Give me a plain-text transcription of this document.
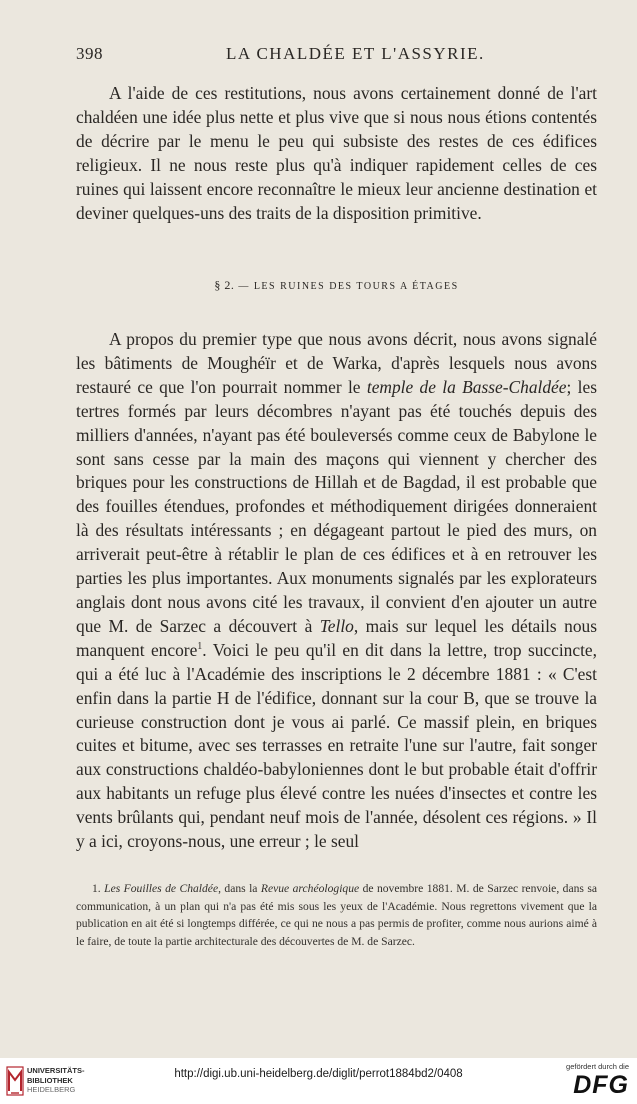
398	LA CHALDÉE ET L'ASSYRIE.

A l'aide de ces restitutions, nous avons certainement donné de l'art chaldéen une idée plus nette et plus vive que si nous nous étions contentés de décrire par le menu le peu qui subsiste des restes de ces édifices religieux. Il ne nous reste plus qu'à indiquer rapidement celles de ces ruines qui laissent encore reconnaître le mieux leur ancienne destination et deviner quelques-uns des traits de la disposition primitive.

§ 2. — LES RUINES DES TOURS A ÉTAGES

A propos du premier type que nous avons décrit, nous avons signalé les bâtiments de Moughéïr et de Warka, d'après lesquels nous avons restauré ce que l'on pourrait nommer le temple de la Basse-Chaldée; les tertres formés par leurs décombres n'ayant pas été touchés depuis des milliers d'années, n'ayant pas été bouleversés comme ceux de Babylone le sont sans cesse par la main des maçons qui viennent y chercher des briques pour les constructions de Hillah et de Bagdad, il est probable que des fouilles étendues, profondes et méthodiquement dirigées donneraient là des résultats intéressants ; en dégageant partout le pied des murs, on arriverait peut-être à rétablir le plan de ces édifices et à en retrouver les parties les plus importantes. Aux monuments signalés par les explorateurs anglais dont nous avons cité les travaux, il convient d'en ajouter un autre que M. de Sarzec a découvert à Tello, mais sur lequel les détails nous manquent encore$^1$. Voici le peu qu'il en dit dans la lettre, trop succincte, qui a été luc à l'Académie des inscriptions le 2 décembre 1881 : « C'est enfin dans la partie H de l'édifice, donnant sur la cour B, que se trouve la curieuse construction dont je vous ai parlé. Ce massif plein, en briques cuites et bitume, avec ses terrasses en retraite l'une sur l'autre, fait songer aux constructions chaldéo-babyloniennes dont le but probable était d'offrir aux habitants un refuge plus élevé contre les nuées d'insectes et contre les vents brûlants qui, pendant neuf mois de l'année, désolent ces régions. » Il y a ici, croyons-nous, une erreur ; le seul

1. Les Fouilles de Chaldée, dans la Revue archéologique de novembre 1881. M. de Sarzec renvoie, dans sa communication, à un plan qui n'a pas été mis sous les yeux de l'Académie. Nous regrettons vivement que la publication en ait été si longtemps différée, ce qui ne nous a pas permis de profiter, comme nous aurions aimé à le faire, de toute la partie architecturale des découvertes de M. de Sarzec.

UNIVERSITÄTS-
BIBLIOTHEK
HEIDELBERG
http://digi.ub.uni-heidelberg.de/diglit/perrot1884bd2/0408
gefördert durch die
DFG
